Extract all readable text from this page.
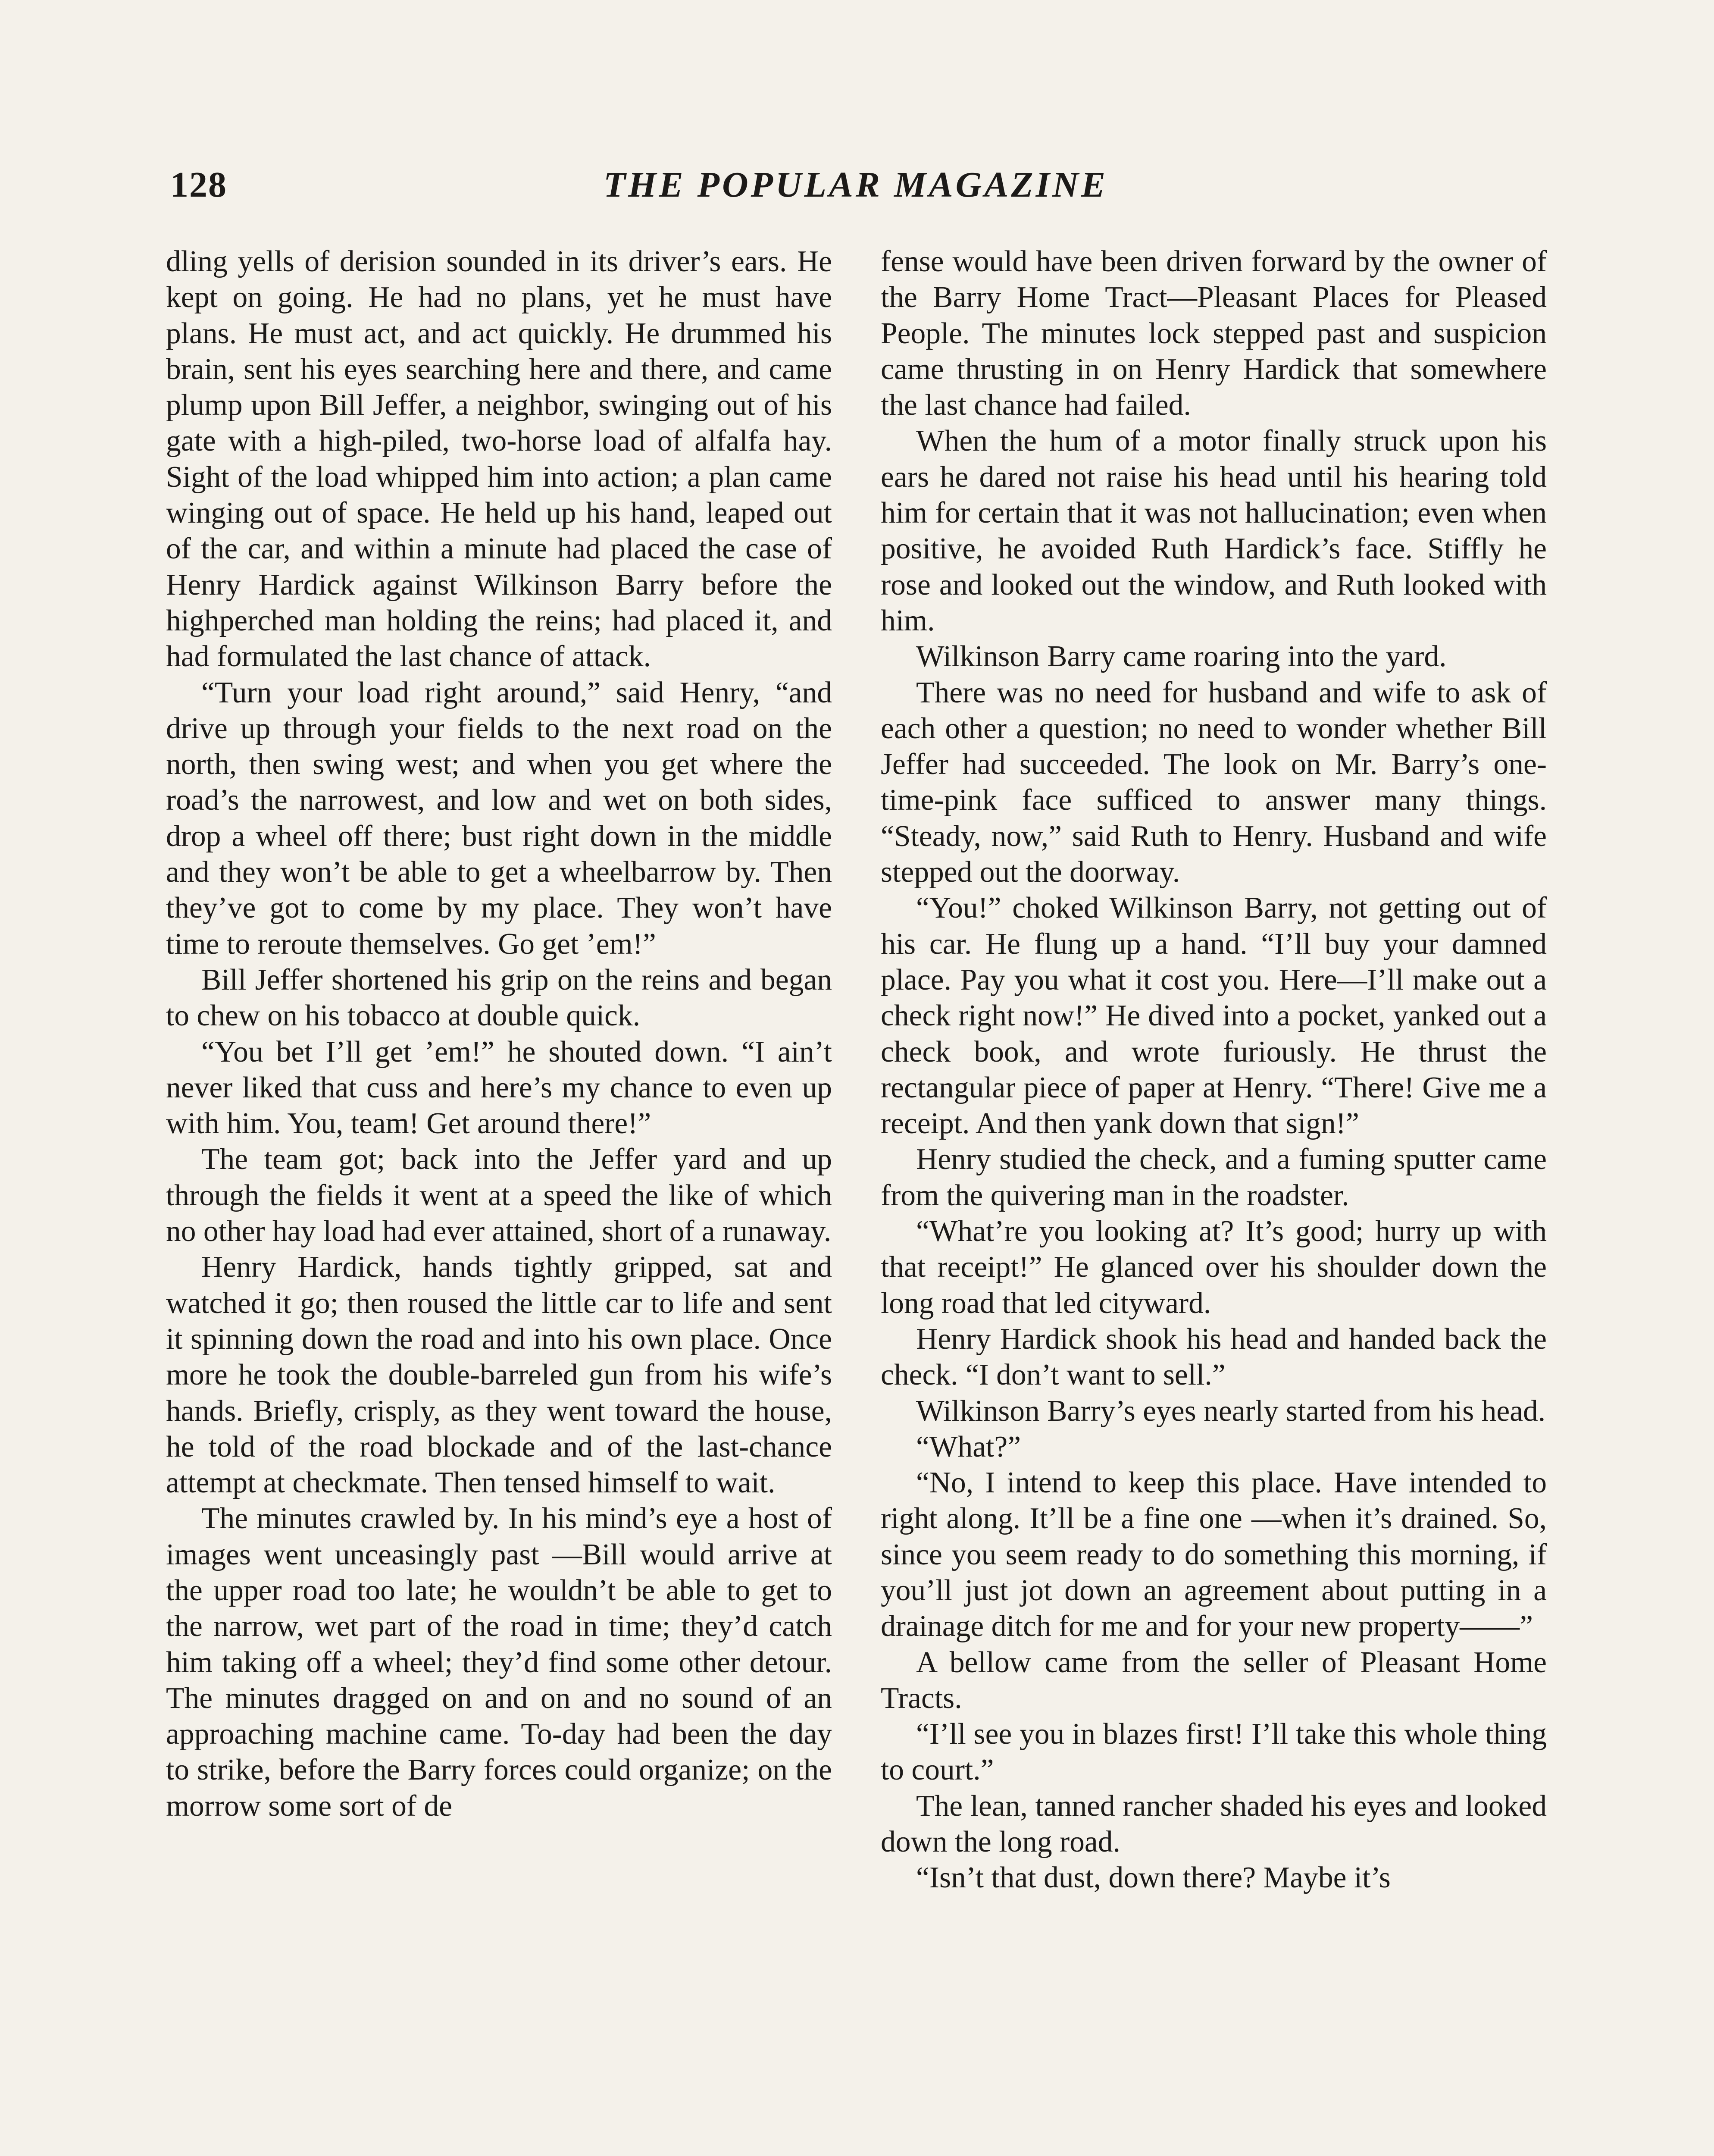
128	THE POPULAR MAGAZINE

dling yells of derision sounded in its driver’s ears. He kept on going. He had no plans, yet he must have plans. He must act, and act quickly. He drummed his brain, sent his eyes searching here and there, and came plump upon Bill Jeffer, a neighbor, swinging out of his gate with a high-piled, two-horse load of alfalfa hay. Sight of the load whipped him into action; a plan came winging out of space. He held up his hand, leaped out of the car, and within a minute had placed the case of Henry Hardick against Wilkinson Barry before the highperched man holding the reins; had placed it, and had formulated the last chance of attack.

“Turn your load right around,” said Henry, “and drive up through your fields to the next road on the north, then swing west; and when you get where the road’s the narrowest, and low and wet on both sides, drop a wheel off there; bust right down in the middle and they won’t be able to get a wheelbarrow by. Then they’ve got to come by my place. They won’t have time to reroute themselves. Go get ’em!”

Bill Jeffer shortened his grip on the reins and began to chew on his tobacco at double quick.

“You bet I’ll get ’em!” he shouted down. “I ain’t never liked that cuss and here’s my chance to even up with him. You, team! Get around there!”

The team got; back into the Jeffer yard and up through the fields it went at a speed the like of which no other hay load had ever attained, short of a runaway.

Henry Hardick, hands tightly gripped, sat and watched it go; then roused the little car to life and sent it spinning down the road and into his own place. Once more he took the double-barreled gun from his wife’s hands. Briefly, crisply, as they went toward the house, he told of the road blockade and of the last-chance attempt at checkmate. Then tensed himself to wait.

The minutes crawled by. In his mind’s eye a host of images went unceasingly past —Bill would arrive at the upper road too late; he wouldn’t be able to get to the narrow, wet part of the road in time; they’d catch him taking off a wheel; they’d find some other detour. The minutes dragged on and on and no sound of an approaching machine came. To-day had been the day to strike, before the Barry forces could organize; on the morrow some sort of de

fense would have been driven forward by the owner of the Barry Home Tract—Pleasant Places for Pleased People. The minutes lock stepped past and suspicion came thrusting in on Henry Hardick that somewhere the last chance had failed.

When the hum of a motor finally struck upon his ears he dared not raise his head until his hearing told him for certain that it was not hallucination; even when positive, he avoided Ruth Hardick’s face. Stiffly he rose and looked out the window, and Ruth looked with him.

Wilkinson Barry came roaring into the yard.

There was no need for husband and wife to ask of each other a question; no need to wonder whether Bill Jeffer had succeeded. The look on Mr. Barry’s one-time-pink face sufficed to answer many things. “Steady, now,” said Ruth to Henry. Husband and wife stepped out the doorway.

“You!” choked Wilkinson Barry, not getting out of his car. He flung up a hand. “I’ll buy your damned place. Pay you what it cost you. Here—I’ll make out a check right now!” He dived into a pocket, yanked out a check book, and wrote furiously. He thrust the rectangular piece of paper at Henry. “There! Give me a receipt. And then yank down that sign!”

Henry studied the check, and a fuming sputter came from the quivering man in the roadster.

“What’re you looking at? It’s good; hurry up with that receipt!” He glanced over his shoulder down the long road that led cityward.

Henry Hardick shook his head and handed back the check. “I don’t want to sell.”

Wilkinson Barry’s eyes nearly started from his head.

“What?”

“No, I intend to keep this place. Have intended to right along. It’ll be a fine one —when it’s drained. So, since you seem ready to do something this morning, if you’ll just jot down an agreement about putting in a drainage ditch for me and for your new property——”

A bellow came from the seller of Pleasant Home Tracts.

“I’ll see you in blazes first! I’ll take this whole thing to court.”

The lean, tanned rancher shaded his eyes and looked down the long road.

“Isn’t that dust, down there? Maybe it’s
